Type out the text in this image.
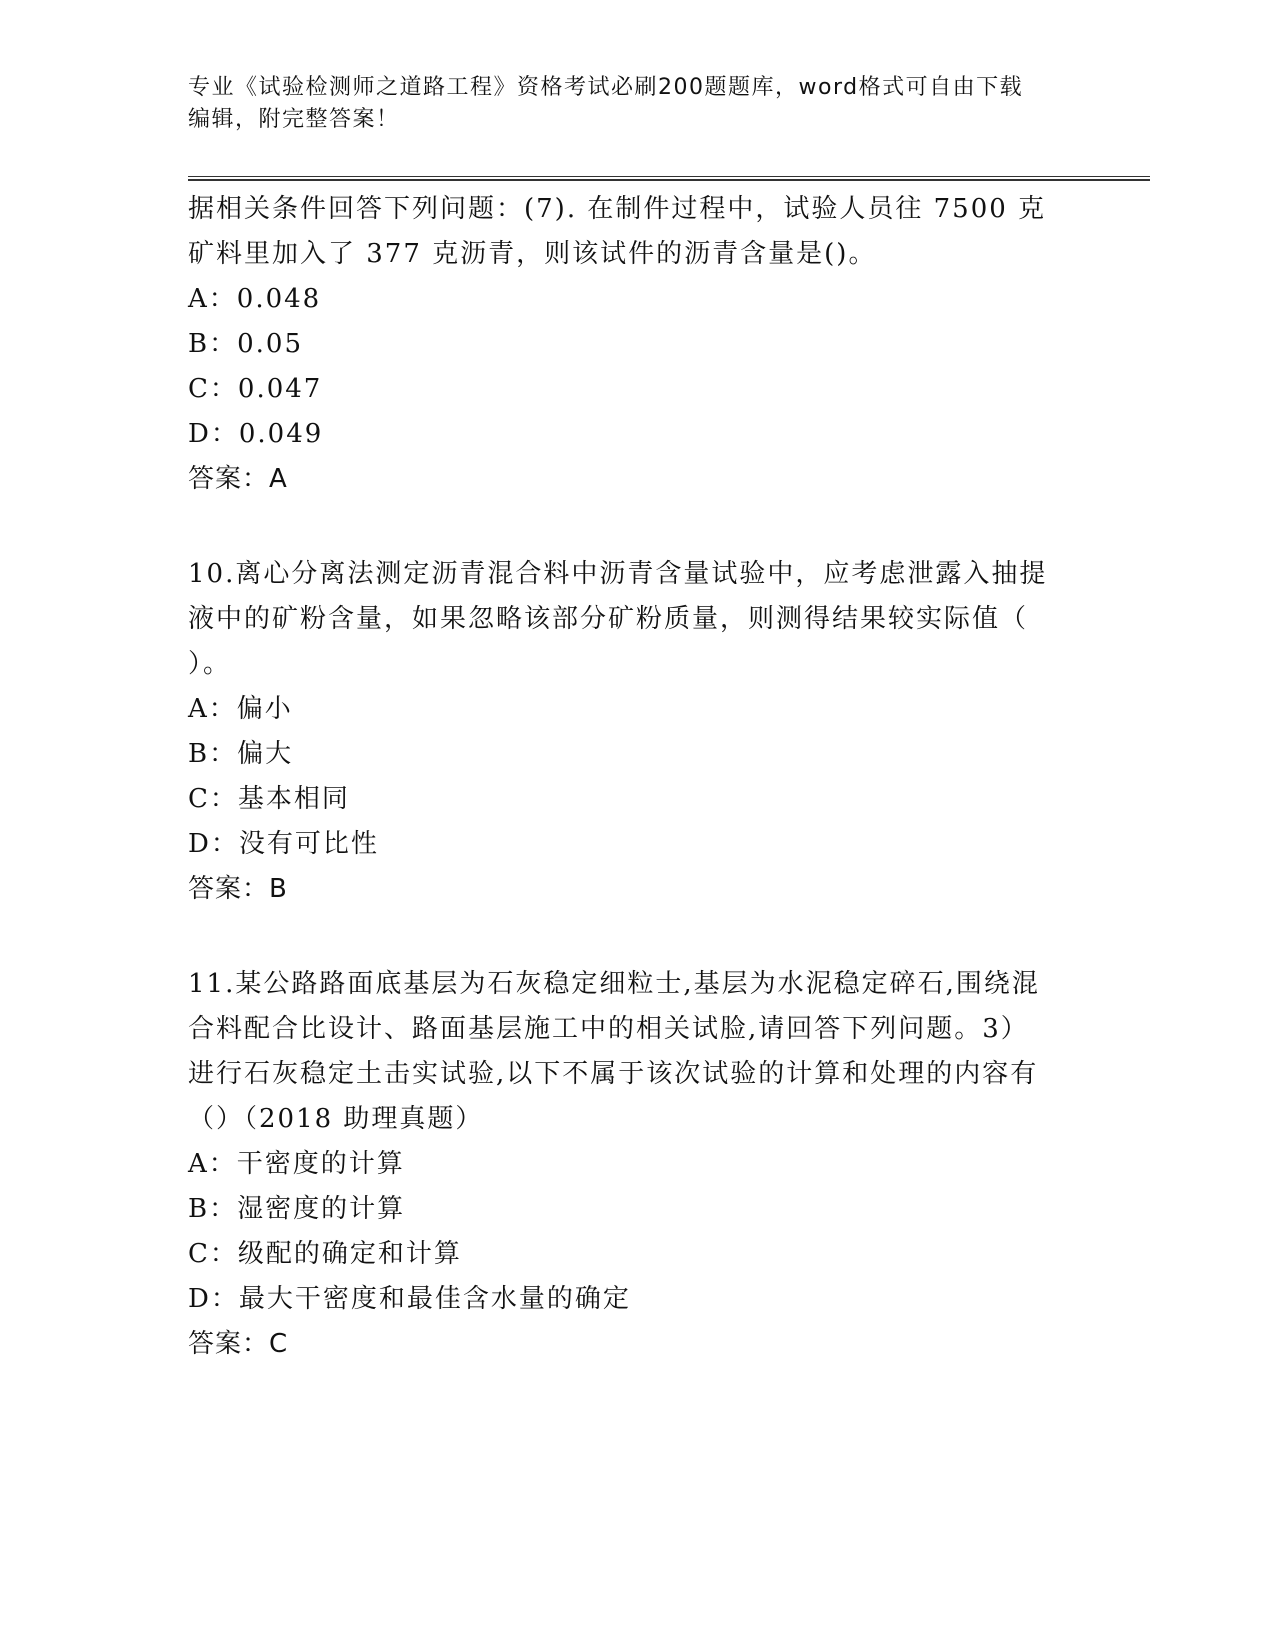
专业《试验检测师之道路工程》资格考试必刷200题题库，word格式可自由下载
编辑，附完整答案！
据相关条件回答下列问题：(7). 在制件过程中，试验人员往 7500 克
矿料里加入了 377 克沥青，则该试件的沥青含量是()。
A：0.048
B：0.05
C：0.047
D：0.049
答案：A
10.离心分离法测定沥青混合料中沥青含量试验中，应考虑泄露入抽提
液中的矿粉含量，如果忽略该部分矿粉质量，则测得结果较实际值（
）。
A：偏小
B：偏大
C：基本相同
D：没有可比性
答案：B
11.某公路路面底基层为石灰稳定细粒士,基层为水泥稳定碎石,围绕混
合料配合比设计、路面基层施工中的相关试脸,请回答下列问题。3）
进行石灰稳定土击实试验,以下不属于该次试验的计算和处理的内容有
（）（2018 助理真题）
A：干密度的计算
B：湿密度的计算
C：级配的确定和计算
D：最大干密度和最佳含水量的确定
答案：C
